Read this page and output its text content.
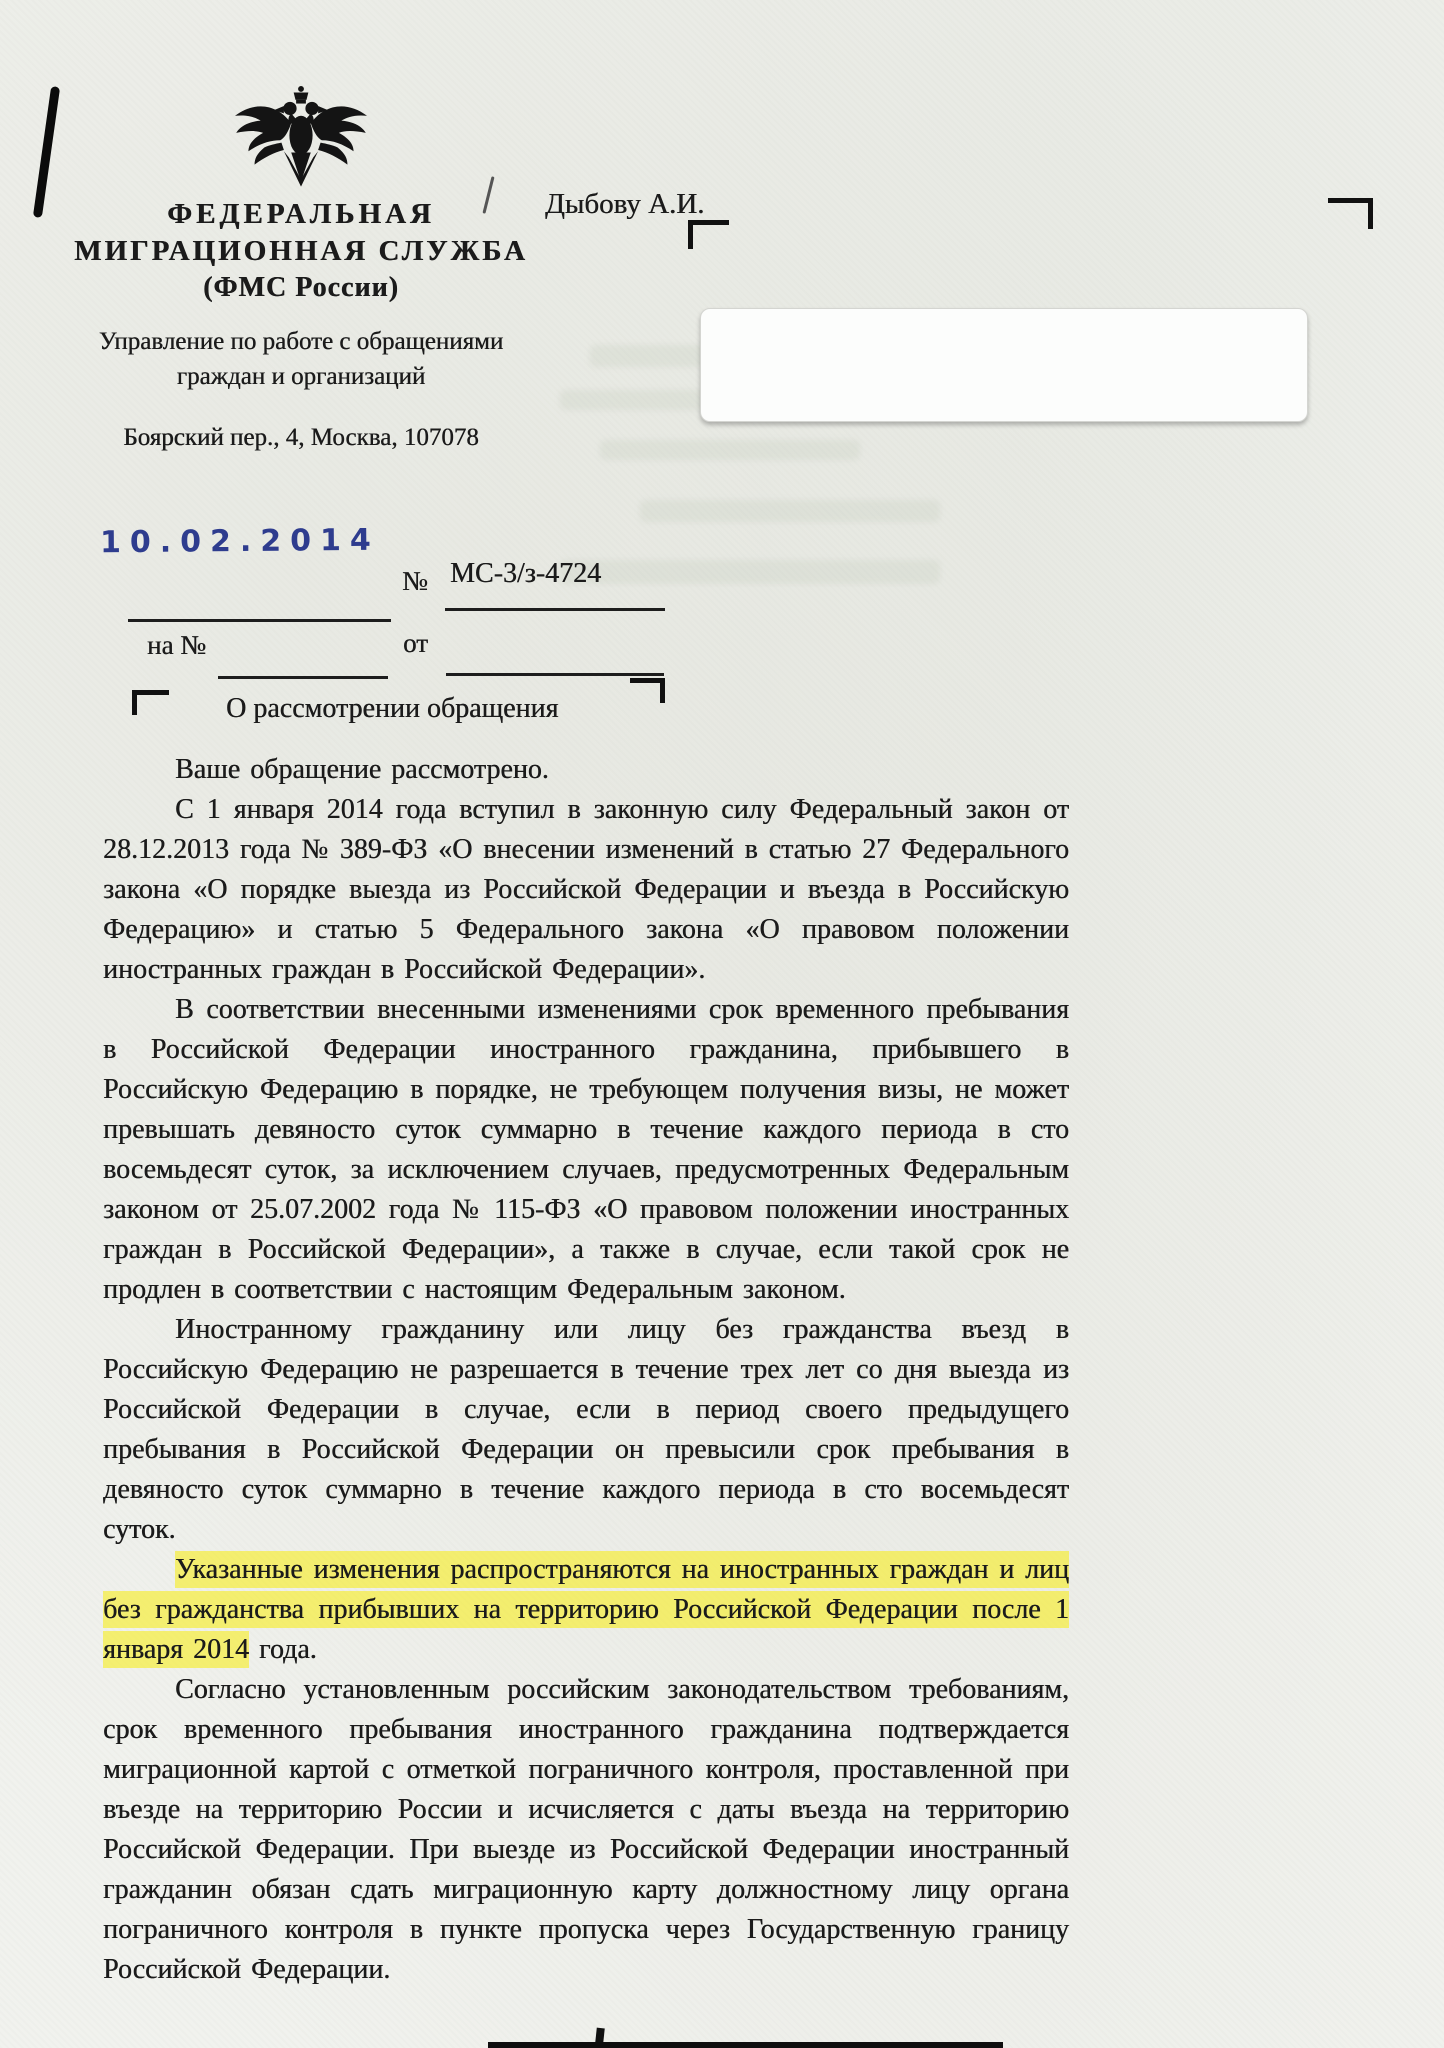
ФЕДЕРАЛЬНАЯ
МИГРАЦИОННАЯ СЛУЖБА
(ФМС России)
Управление по работе с обращениями
граждан и организаций
Боярский пер., 4, Москва, 107078
Дыбову А.И.
10.02.2014
№ МС-3/з-4724
на №	от
О рассмотрении обращения

Ваше обращение рассмотрено.

С 1 января 2014 года вступил в законную силу Федеральный закон от 28.12.2013 года № 389-ФЗ «О внесении изменений в статью 27 Федерального закона «О порядке выезда из Российской Федерации и въезда в Российскую Федерацию» и статью 5 Федерального закона «О правовом положении иностранных граждан в Российской Федерации».

В соответствии внесенными изменениями срок временного пребывания в Российской Федерации иностранного гражданина, прибывшего в Российскую Федерацию в порядке, не требующем получения визы, не может превышать девяносто суток суммарно в течение каждого периода в сто восемьдесят суток, за исключением случаев, предусмотренных Федеральным законом от 25.07.2002 года № 115-ФЗ «О правовом положении иностранных граждан в Российской Федерации», а также в случае, если такой срок не продлен в соответствии с настоящим Федеральным законом.

Иностранному гражданину или лицу без гражданства въезд в Российскую Федерацию не разрешается в течение трех лет со дня выезда из Российской Федерации в случае, если в период своего предыдущего пребывания в Российской Федерации он превысили срок пребывания в девяносто суток суммарно в течение каждого периода в сто восемьдесят суток.

Указанные изменения распространяются на иностранных граждан и лиц без гражданства прибывших на территорию Российской Федерации после 1 января 2014 года.

Согласно установленным российским законодательством требованиям, срок временного пребывания иностранного гражданина подтверждается миграционной картой с отметкой пограничного контроля, проставленной при въезде на территорию России и исчисляется с даты въезда на территорию Российской Федерации. При выезде из Российской Федерации иностранный гражданин обязан сдать миграционную карту должностному лицу органа пограничного контроля в пункте пропуска через Государственную границу Российской Федерации.
